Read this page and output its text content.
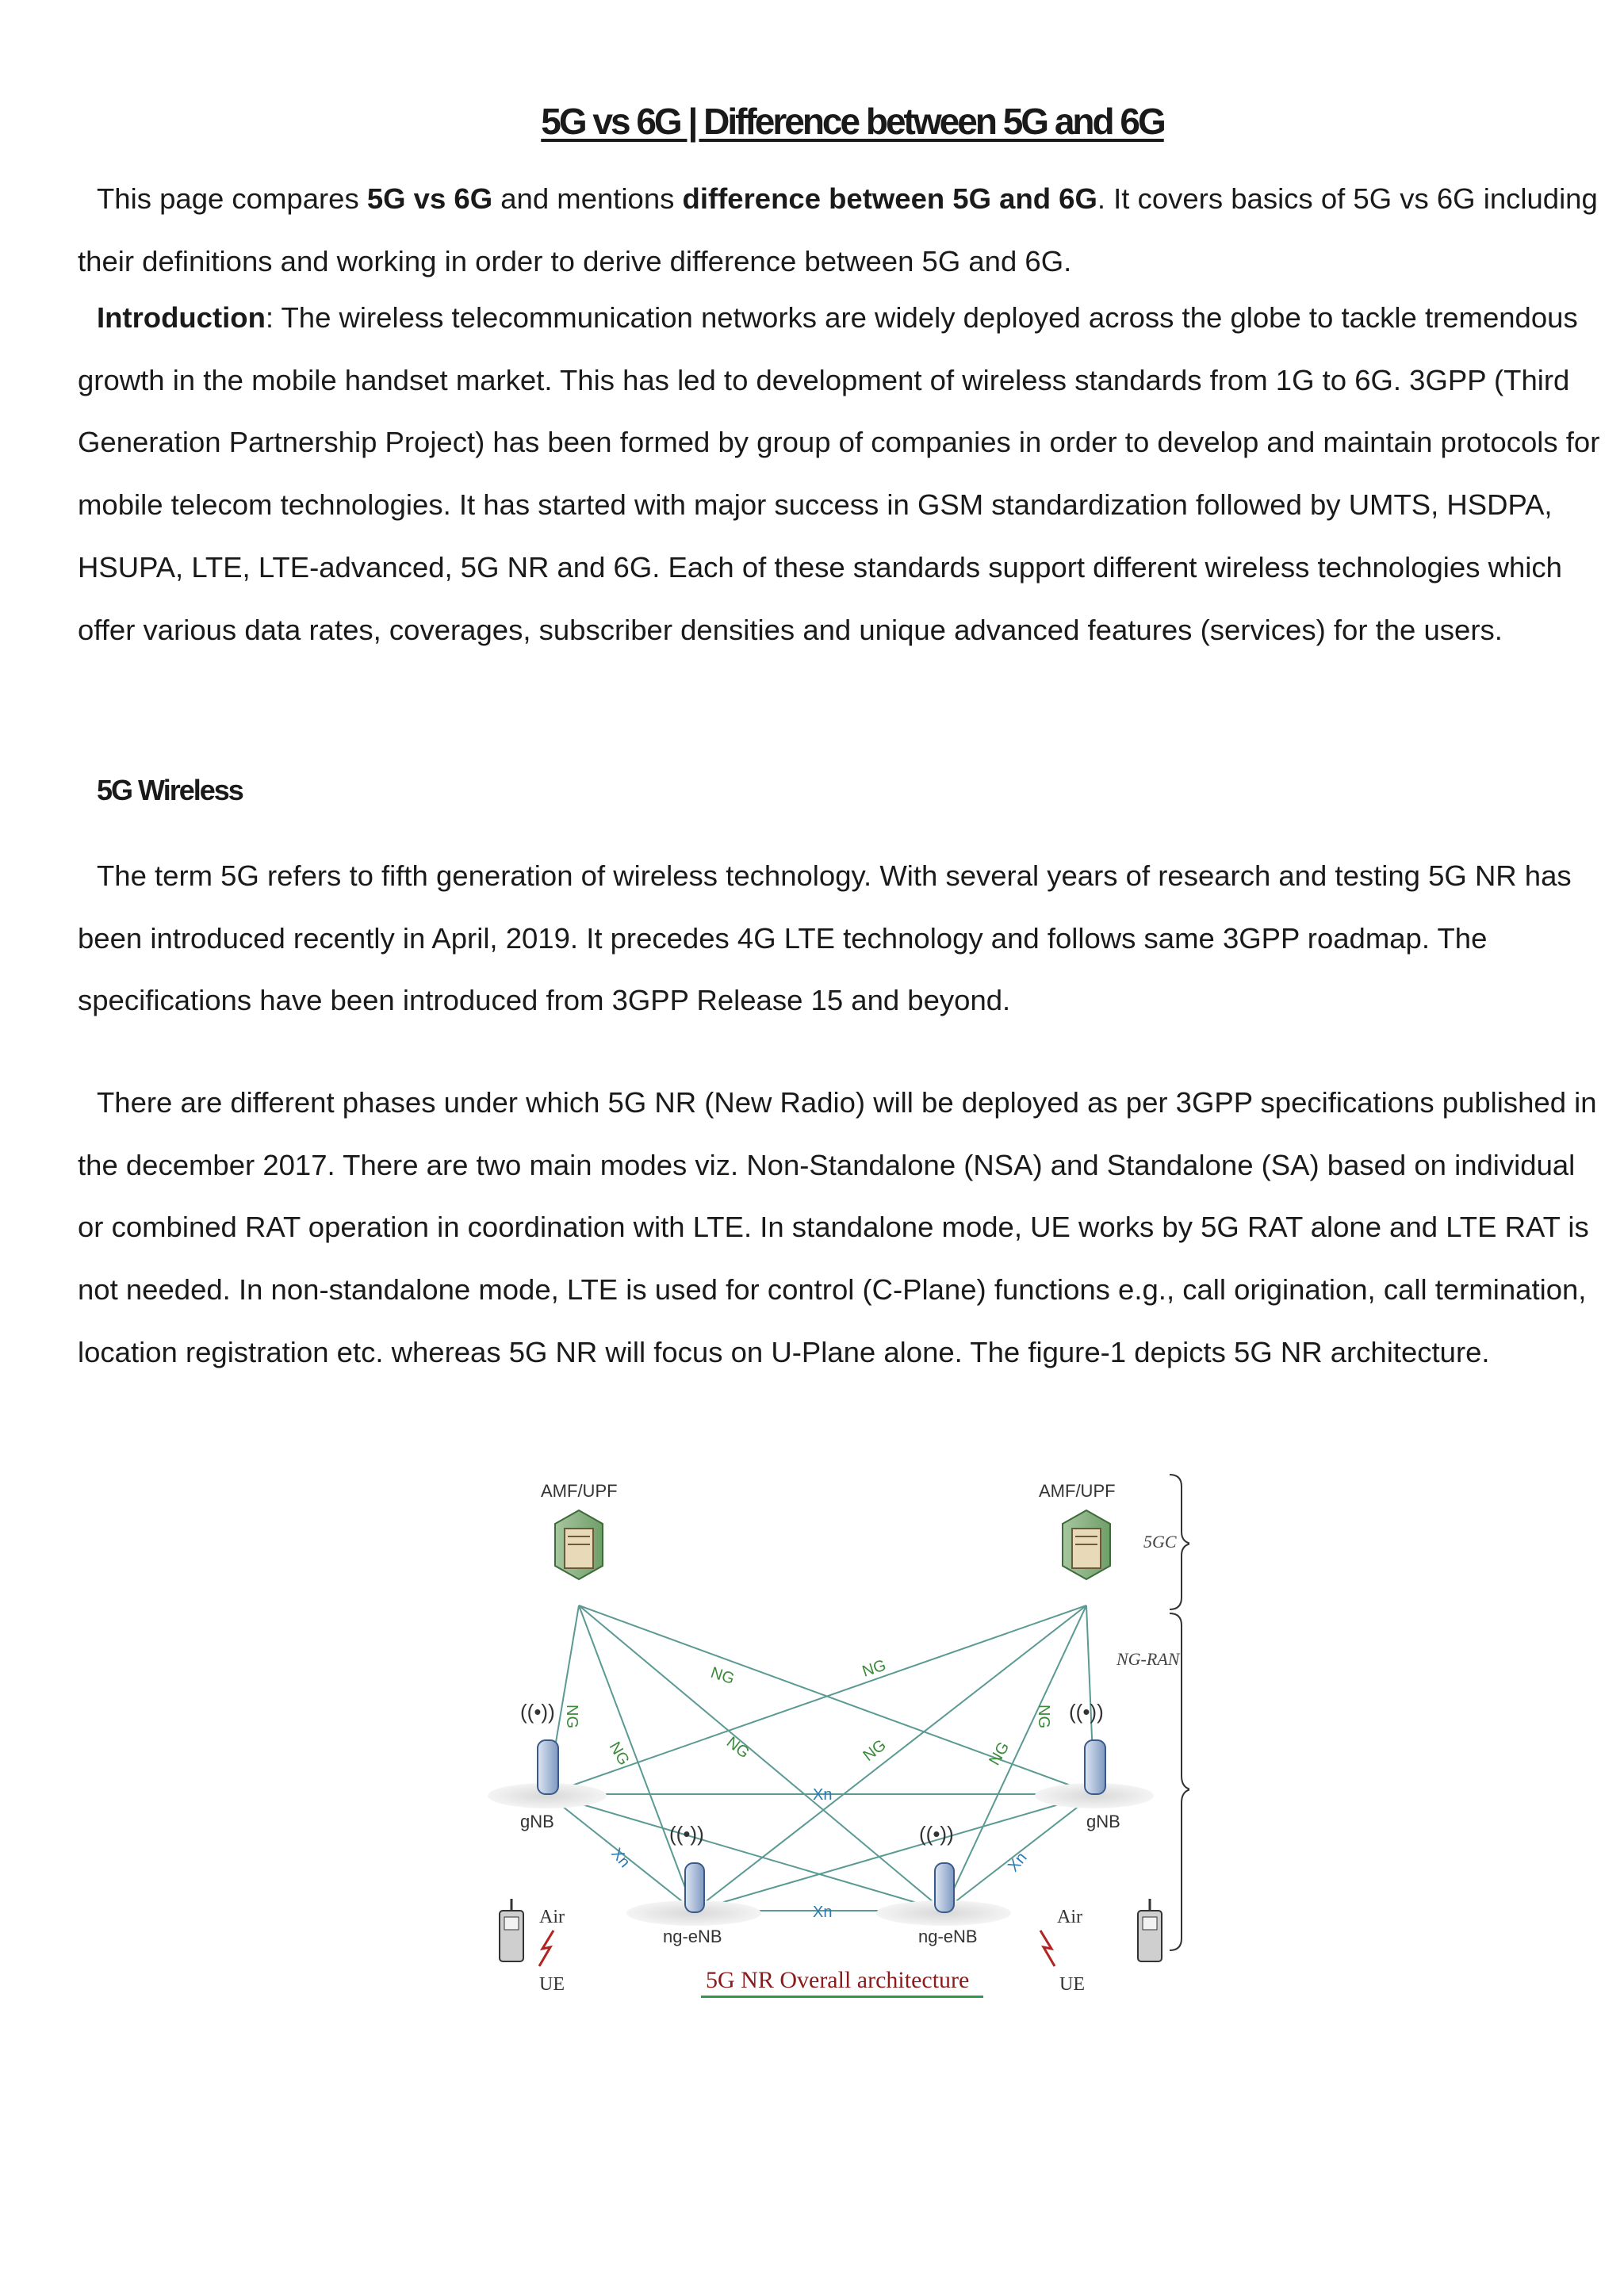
5G vs 6G | Difference between 5G and 6G

This page compares 5G vs 6G and mentions difference between 5G and 6G. It covers basics of 5G vs 6G including their definitions and working in order to derive difference between 5G and 6G.

Introduction: The wireless telecommunication networks are widely deployed across the globe to tackle tremendous growth in the mobile handset market. This has led to development of wireless standards from 1G to 6G. 3GPP (Third Generation Partnership Project) has been formed by group of companies in order to develop and maintain protocols for mobile telecom technologies. It has started with major success in GSM standardization followed by UMTS, HSDPA, HSUPA, LTE, LTE-advanced, 5G NR and 6G. Each of these standards support different wireless technologies which offer various data rates, coverages, subscriber densities and unique advanced features (services) for the users.

5G Wireless

The term 5G refers to fifth generation of wireless technology. With several years of research and testing 5G NR has been introduced recently in April, 2019. It precedes 4G LTE technology and follows same 3GPP roadmap. The specifications have been introduced from 3GPP Release 15 and beyond.

There are different phases under which 5G NR (New Radio) will be deployed as per 3GPP specifications published in the december 2017. There are two main modes viz. Non-Standalone (NSA) and Standalone (SA) based on individual or combined RAT operation in coordination with LTE. In standalone mode, UE works by 5G RAT alone and LTE RAT is not needed. In non-standalone mode, LTE is used for control (C-Plane) functions e.g., call origination, call termination, location registration etc. whereas 5G NR will focus on U-Plane alone. The figure-1 depicts 5G NR architecture.

NG	NG
NG	NG
NG	NG
NG	NG
Xn
Xn
Xn	Xn
AMF/UPF	AMF/UPF
5GC
NG-RAN
((•))
gNB
((•))
gNB
((•))
ng-eNB
((•))
ng-eNB
Air
UE
Air
UE
5G NR Overall architecture
